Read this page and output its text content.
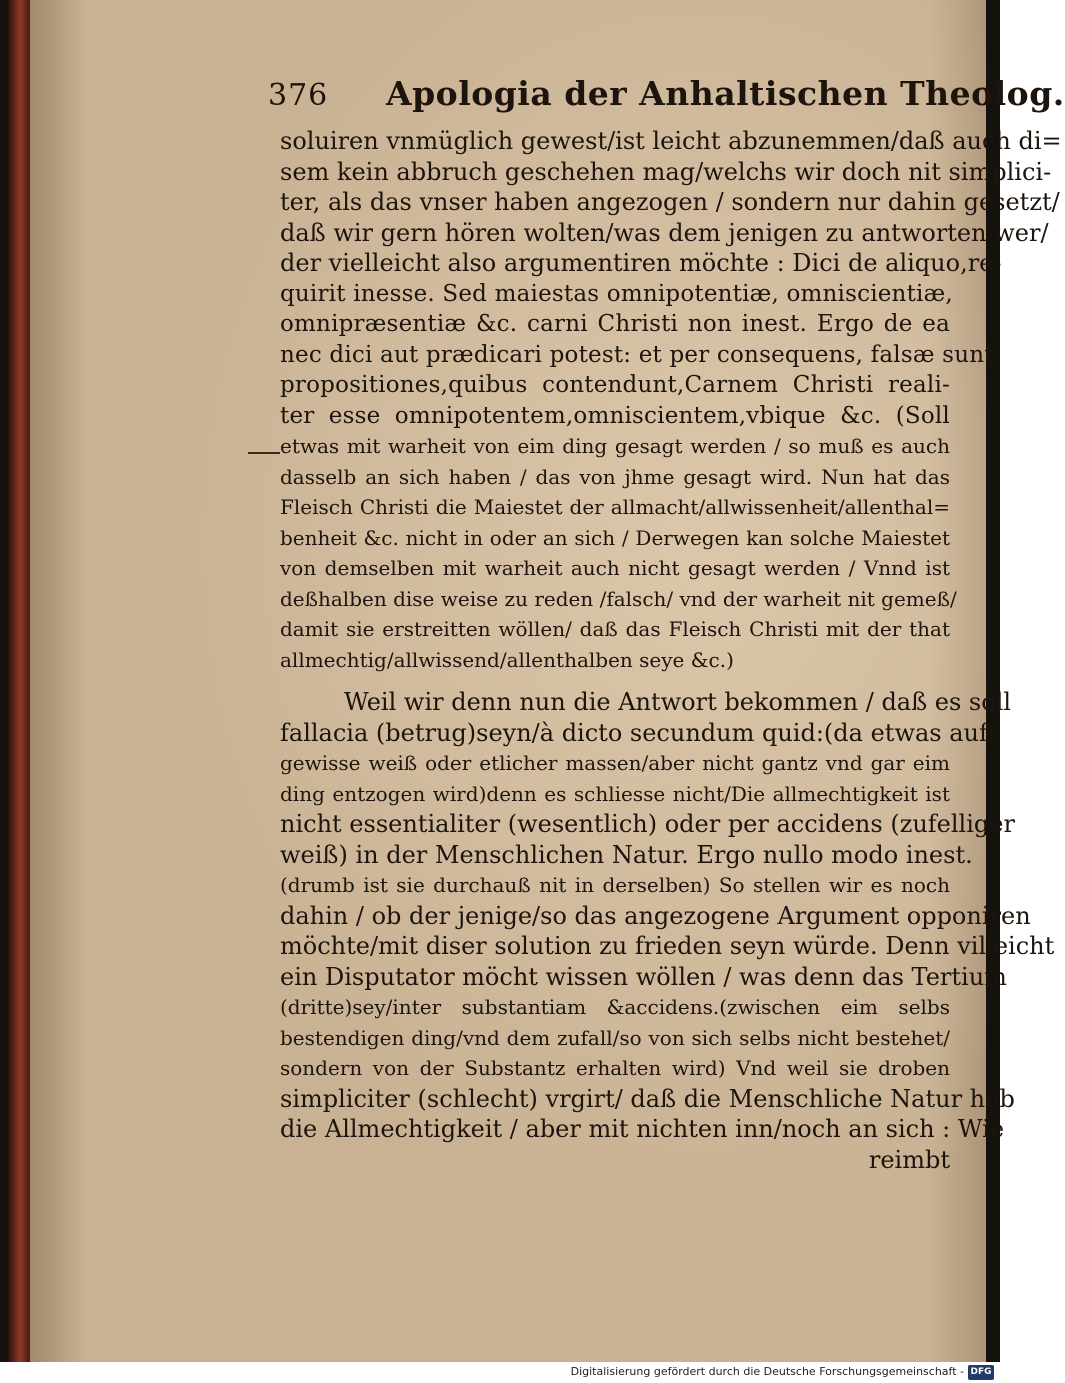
376 Apologia der Anhaltischen Theolog.
soluiren vnmüglich gewest/ist leicht abzunemmen/daß auch di=
sem kein abbruch geschehen mag/welchs wir doch nit simplici-
ter, als das vnser haben angezogen / sondern nur dahin gesetzt/
daß wir gern hören wolten/was dem jenigen zu antworten wer/
der vielleicht also argumentiren möchte : Dici de aliquo,re-
quirit inesse. Sed maiestas omnipotentiæ, omniscientiæ,
omnipræsentiæ &c. carni Christi non inest. Ergo de ea
nec dici aut prædicari potest: et per consequens, falsæ sunt
propositiones,quibus contendunt,Carnem Christi reali-
ter esse omnipotentem,omniscientem,vbique &c. (Soll
etwas mit warheit von eim ding gesagt werden / so muß es auch
dasselb an sich haben / das von jhme gesagt wird. Nun hat das
Fleisch Christi die Maiestet der allmacht/allwissenheit/allenthal=
benheit &c. nicht in oder an sich / Derwegen kan solche Maiestet
von demselben mit warheit auch nicht gesagt werden / Vnnd ist
deßhalben dise weise zu reden /falsch/ vnd der warheit nit gemeß/
damit sie erstreitten wöllen/ daß das Fleisch Christi mit der that
allmechtig/allwissend/allenthalben seye &c.)
Weil wir denn nun die Antwort bekommen / daß es soll
fallacia (betrug)seyn/à dicto secundum quid:(da etwas auff
gewisse weiß oder etlicher massen/aber nicht gantz vnd gar eim
ding entzogen wird)denn es schliesse nicht/Die allmechtigkeit ist
nicht essentialiter (wesentlich) oder per accidens (zufelliger
weiß) in der Menschlichen Natur. Ergo nullo modo inest.
(drumb ist sie durchauß nit in derselben) So stellen wir es noch
dahin / ob der jenige/so das angezogene Argument opponiren
möchte/mit diser solution zu frieden seyn würde. Denn villeicht
ein Disputator möcht wissen wöllen / was denn das Tertium
(dritte)sey/inter substantiam &accidens.(zwischen eim selbs
bestendigen ding/vnd dem zufall/so von sich selbs nicht bestehet/
sondern von der Substantz erhalten wird) Vnd weil sie droben
simpliciter (schlecht) vrgirt/ daß die Menschliche Natur hab
die Allmechtigkeit / aber mit nichten inn/noch an sich : Wie
reimbt
Digitalisierung gefördert durch die Deutsche Forschungsgemeinschaft - DFG
